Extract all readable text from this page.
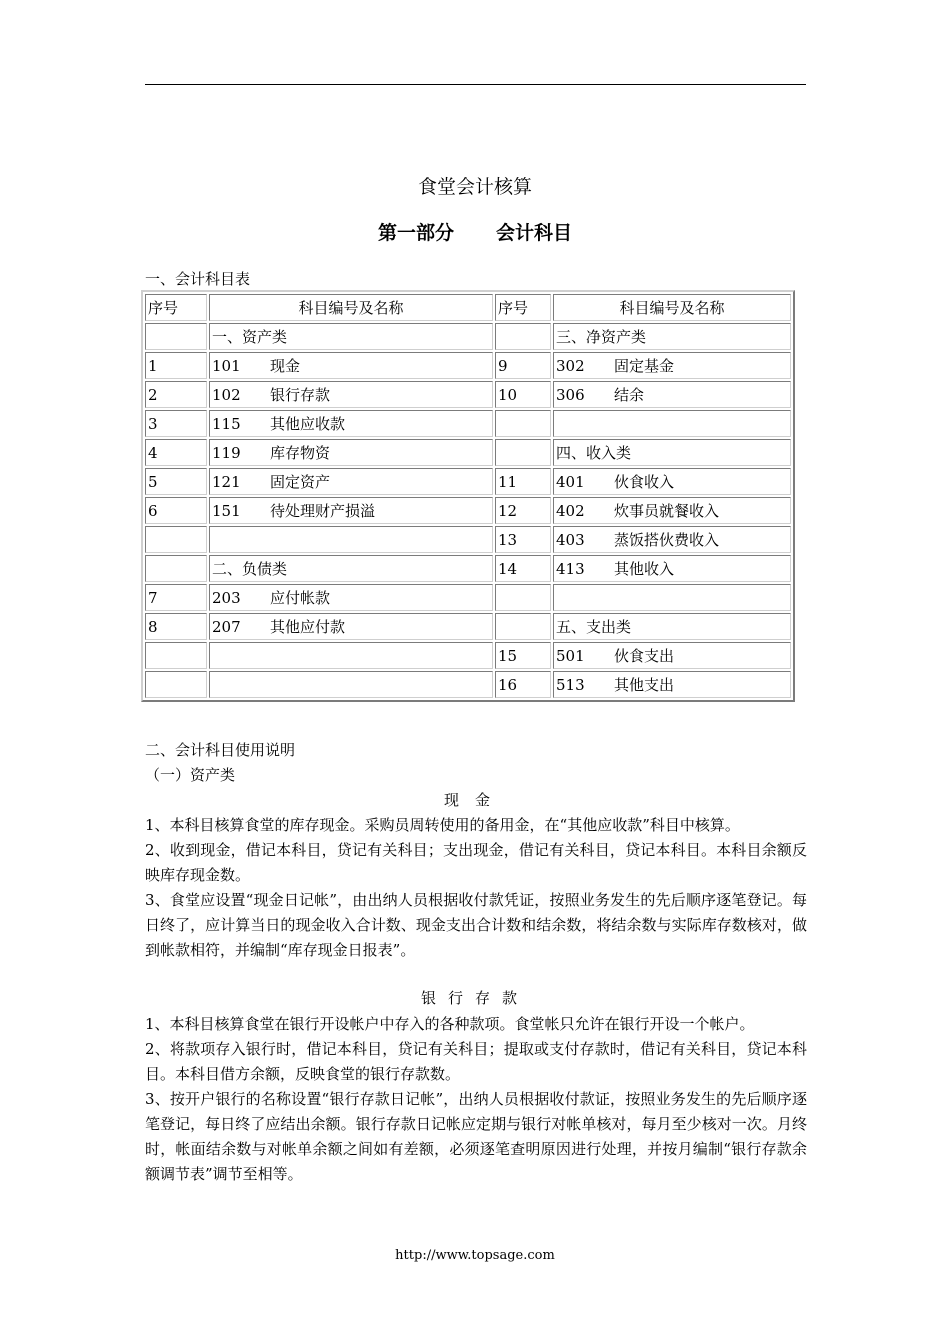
食堂会计核算
第一部分 会计科目
一、会计科目表
序号	科目编号及名称	序号	科目编号及名称
	一、资产类		三、净资产类
1	101 现金	9	302 固定基金
2	102 银行存款	10	306 结余
3	115 其他应收款		
4	119 库存物资		四、收入类
5	121 固定资产	11	401 伙食收入
6	151 待处理财产损溢	12	402 炊事员就餐收入
		13	403 蒸饭搭伙费收入
	二、负债类	14	413 其他收入
7	203 应付帐款		
8	207 其他应付款		五、支出类
		15	501 伙食支出
		16	513 其他支出
二、会计科目使用说明
（一）资产类
现金
1、本科目核算食堂的库存现金。采购员周转使用的备用金，在“其他应收款”科目中核算。
2、收到现金，借记本科目，贷记有关科目；支出现金，借记有关科目，贷记本科目。本科目余额反映库存现金数。
3、食堂应设置“现金日记帐”，由出纳人员根据收付款凭证，按照业务发生的先后顺序逐笔登记。每日终了，应计算当日的现金收入合计数、现金支出合计数和结余数，将结余数与实际库存数核对，做到帐款相符，并编制“库存现金日报表”。
银行存款
1、本科目核算食堂在银行开设帐户中存入的各种款项。食堂帐只允许在银行开设一个帐户。
2、将款项存入银行时，借记本科目，贷记有关科目；提取或支付存款时，借记有关科目，贷记本科目。本科目借方余额，反映食堂的银行存款数。
3、按开户银行的名称设置“银行存款日记帐”，出纳人员根据收付款证，按照业务发生的先后顺序逐笔登记，每日终了应结出余额。银行存款日记帐应定期与银行对帐单核对，每月至少核对一次。月终时，帐面结余数与对帐单余额之间如有差额，必须逐笔查明原因进行处理，并按月编制“银行存款余额调节表”调节至相等。
http://www.topsage.com
